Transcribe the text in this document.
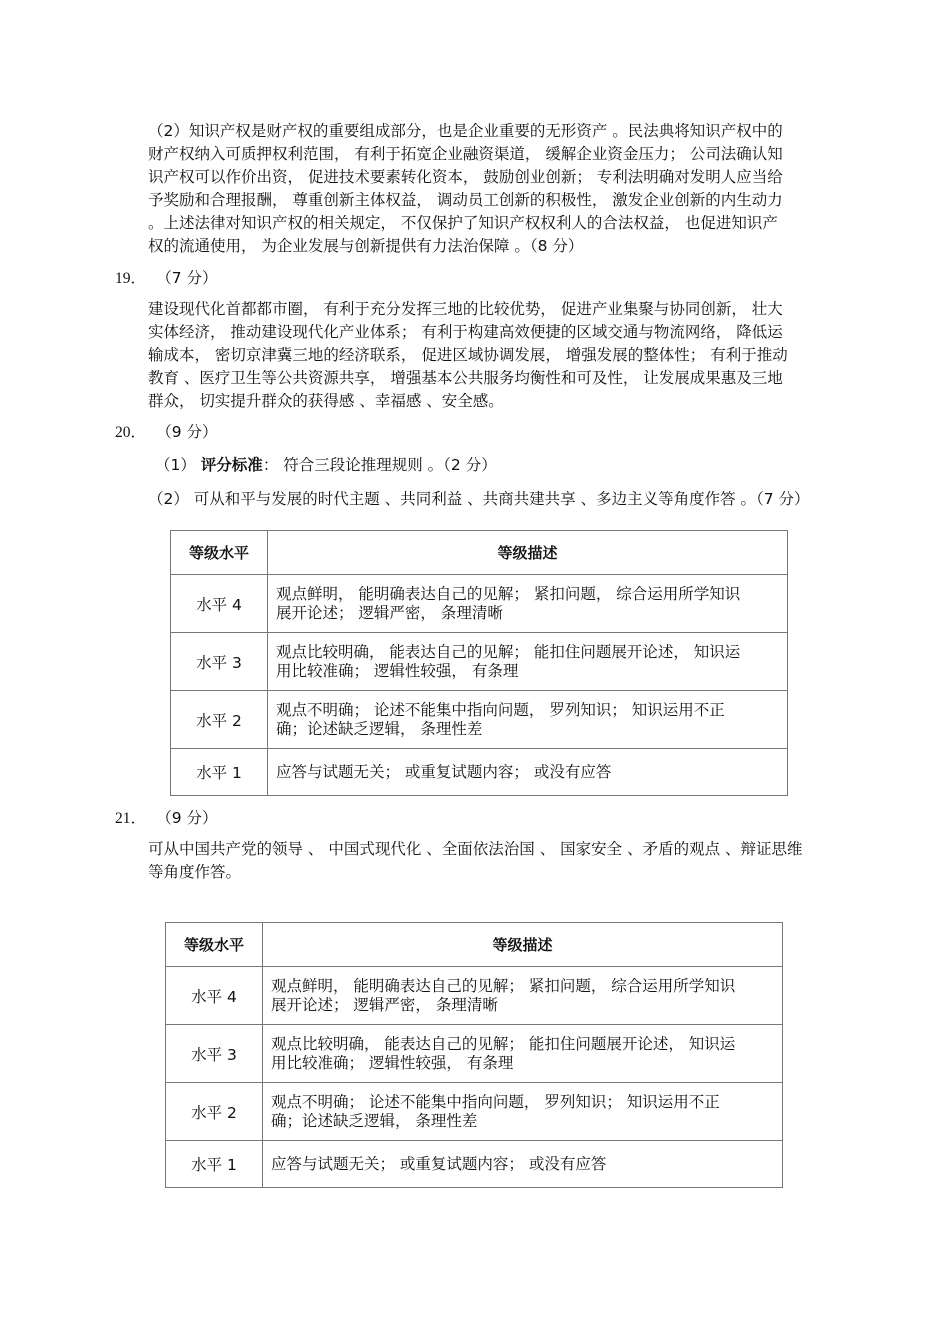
（2）知识产权是财产权的重要组成部分，也是企业重要的无形资产 。民法典将知识产权中的
财产权纳入可质押权利范围， 有利于拓宽企业融资渠道， 缓解企业资金压力； 公司法确认知
识产权可以作价出资， 促进技术要素转化资本， 鼓励创业创新； 专利法明确对发明人应当给
予奖励和合理报酬， 尊重创新主体权益， 调动员工创新的积极性， 激发企业创新的内生动力
。上述法律对知识产权的相关规定， 不仅保护了知识产权权利人的合法权益， 也促进知识产
权的流通使用， 为企业发展与创新提供有力法治保障 。（8 分）
19． （7 分）
建设现代化首都都市圈， 有利于充分发挥三地的比较优势， 促进产业集聚与协同创新， 壮大
实体经济， 推动建设现代化产业体系； 有利于构建高效便捷的区域交通与物流网络， 降低运
输成本， 密切京津冀三地的经济联系， 促进区域协调发展， 增强发展的整体性； 有利于推动
教育 、医疗卫生等公共资源共享， 增强基本公共服务均衡性和可及性， 让发展成果惠及三地
群众， 切实提升群众的获得感 、幸福感 、安全感。
20． （9 分）
（1） 评分标准： 符合三段论推理规则 。（2 分）
（2） 可从和平与发展的时代主题 、共同利益 、共商共建共享 、多边主义等角度作答 。（7 分）
等级水平	等级描述
水平 4	观点鲜明， 能明确表达自己的见解； 紧扣问题， 综合运用所学知识
展开论述； 逻辑严密， 条理清晰

水平 3	观点比较明确， 能表达自己的见解； 能扣住问题展开论述， 知识运
用比较准确； 逻辑性较强， 有条理

水平 2	观点不明确； 论述不能集中指向问题， 罗列知识； 知识运用不正
确；论述缺乏逻辑， 条理性差

水平 1	应答与试题无关； 或重复试题内容； 或没有应答
21． （9 分）
可从中国共产党的领导 、 中国式现代化 、全面依法治国 、 国家安全 、矛盾的观点 、辩证思维
等角度作答。
等级水平	等级描述
水平 4	观点鲜明， 能明确表达自己的见解； 紧扣问题， 综合运用所学知识
展开论述； 逻辑严密， 条理清晰

水平 3	观点比较明确， 能表达自己的见解； 能扣住问题展开论述， 知识运
用比较准确； 逻辑性较强， 有条理

水平 2	观点不明确； 论述不能集中指向问题， 罗列知识； 知识运用不正
确；论述缺乏逻辑， 条理性差

水平 1	应答与试题无关； 或重复试题内容； 或没有应答
